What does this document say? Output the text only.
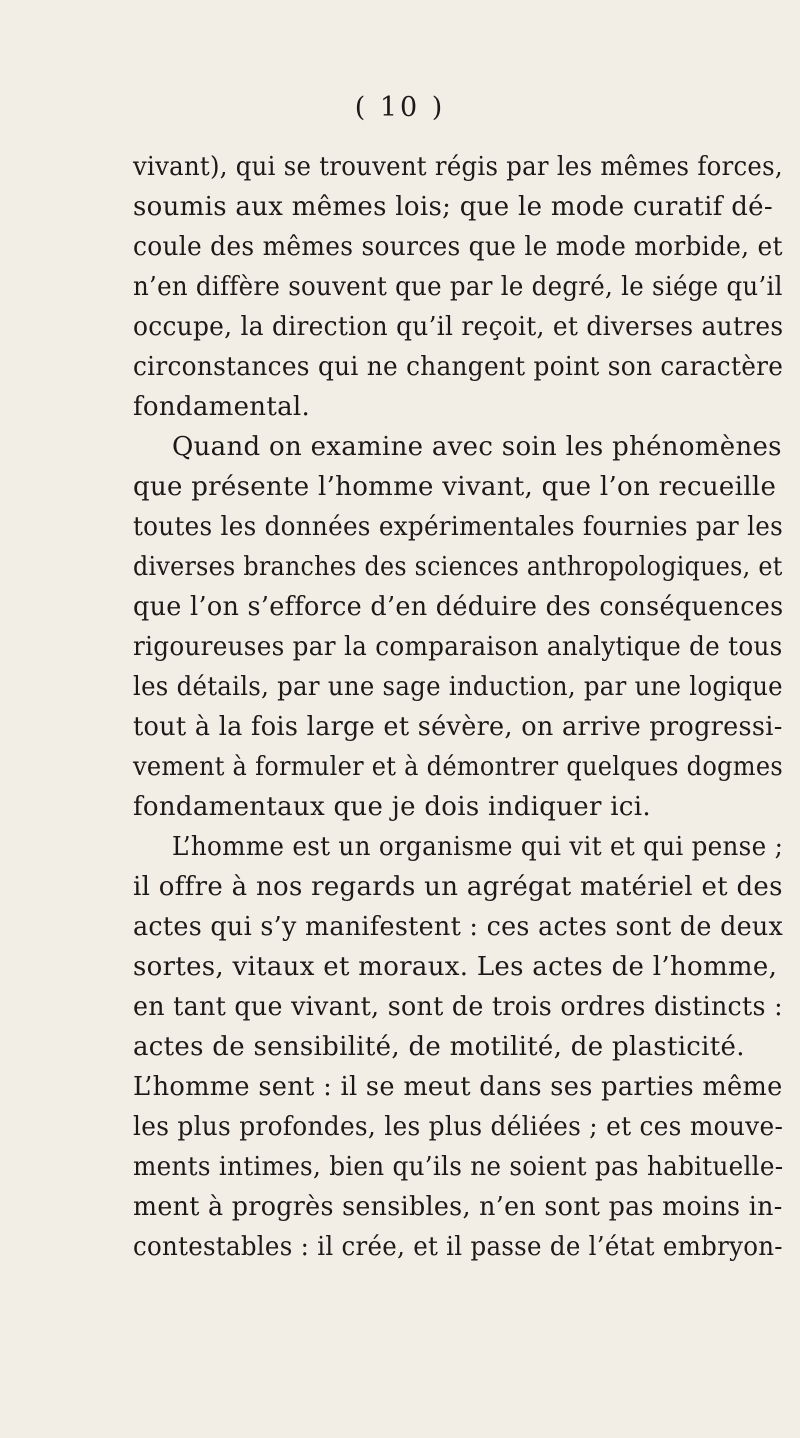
( 10 )
vivant), qui se trouvent régis par les mêmes forces,
soumis aux mêmes lois; que le mode curatif dé-
coule des mêmes sources que le mode morbide, et
n’en diffère souvent que par le degré, le siége qu’il
occupe, la direction qu’il reçoit, et diverses autres
circonstances qui ne changent point son caractère
fondamental.
Quand on examine avec soin les phénomènes
que présente l’homme vivant, que l’on recueille
toutes les données expérimentales fournies par les
diverses branches des sciences anthropologiques, et
que l’on s’efforce d’en déduire des conséquences
rigoureuses par la comparaison analytique de tous
les détails, par une sage induction, par une logique
tout à la fois large et sévère, on arrive progressi-
vement à formuler et à démontrer quelques dogmes
fondamentaux que je dois indiquer ici.
L’homme est un organisme qui vit et qui pense ;
il offre à nos regards un agrégat matériel et des
actes qui s’y manifestent : ces actes sont de deux
sortes, vitaux et moraux. Les actes de l’homme,
en tant que vivant, sont de trois ordres distincts :
actes de sensibilité, de motilité, de plasticité.
L’homme sent : il se meut dans ses parties même
les plus profondes, les plus déliées ; et ces mouve-
ments intimes, bien qu’ils ne soient pas habituelle-
ment à progrès sensibles, n’en sont pas moins in-
contestables : il crée, et il passe de l’état embryon-
